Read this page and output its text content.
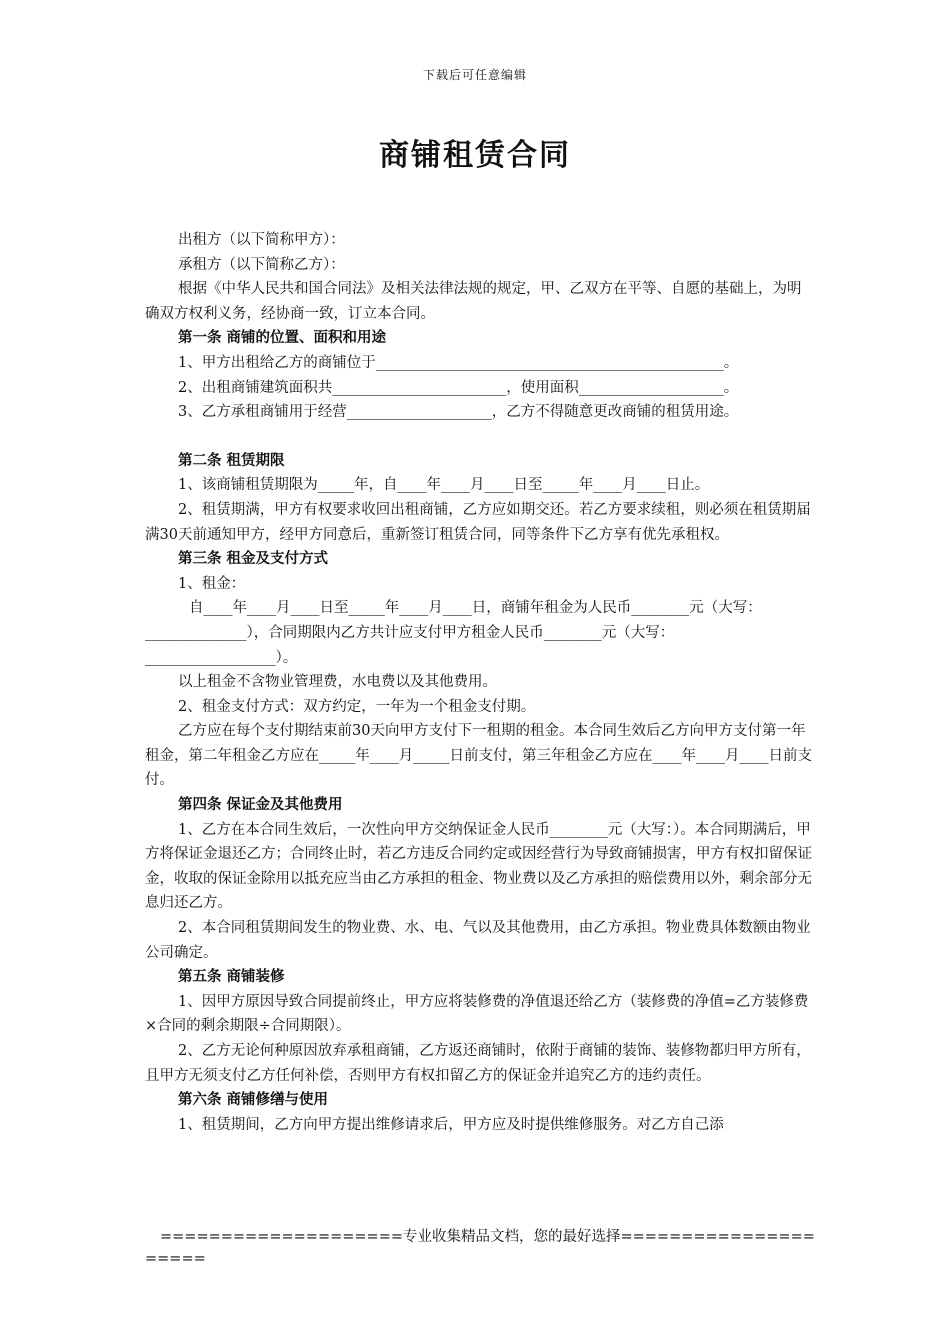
下载后可任意编辑
商铺租赁合同

出租方（以下简称甲方）：

承租方（以下简称乙方）：

根据《中华人民共和国合同法》及相关法律法规的规定，甲、乙双方在平等、自愿的基础上，为明确双方权利义务，经协商一致，订立本合同。

第一条 商铺的位置、面积和用途

1、甲方出租给乙方的商铺位于________________________________________________。

2、出租商铺建筑面积共________________________，使用面积____________________。

3、乙方承租商铺用于经营____________________，乙方不得随意更改商铺的租赁用途。

第二条 租赁期限

1、该商铺租赁期限为_____年，自____年____月____日至_____年____月____日止。

2、租赁期满，甲方有权要求收回出租商铺，乙方应如期交还。若乙方要求续租，则必须在租赁期届满30天前通知甲方，经甲方同意后，重新签订租赁合同，同等条件下乙方享有优先承租权。

第三条 租金及支付方式

1、租金：

自____年____月____日至_____年____月____日，商铺年租金为人民币________元（大写：______________），合同期限内乙方共计应支付甲方租金人民币________元（大写：__________________）。

以上租金不含物业管理费，水电费以及其他费用。

2、租金支付方式：双方约定，一年为一个租金支付期。

乙方应在每个支付期结束前30天向甲方支付下一租期的租金。本合同生效后乙方向甲方支付第一年租金，第二年租金乙方应在_____年____月_____日前支付，第三年租金乙方应在____年____月____日前支付。

第四条 保证金及其他费用

1、乙方在本合同生效后，一次性向甲方交纳保证金人民币________元（大写：）。本合同期满后，甲方将保证金退还乙方；合同终止时，若乙方违反合同约定或因经营行为导致商铺损害，甲方有权扣留保证金，收取的保证金除用以抵充应当由乙方承担的租金、物业费以及乙方承担的赔偿费用以外，剩余部分无息归还乙方。

2、本合同租赁期间发生的物业费、水、电、气以及其他费用，由乙方承担。物业费具体数额由物业公司确定。

第五条 商铺装修

1、因甲方原因导致合同提前终止，甲方应将装修费的净值退还给乙方（装修费的净值=乙方装修费×合同的剩余期限÷合同期限）。

2、乙方无论何种原因放弃承租商铺，乙方返还商铺时，依附于商铺的装饰、装修物都归甲方所有，且甲方无须支付乙方任何补偿，否则甲方有权扣留乙方的保证金并追究乙方的违约责任。

第六条 商铺修缮与使用

1、租赁期间，乙方向甲方提出维修请求后，甲方应及时提供维修服务。对乙方自己添

====================专业收集精品文档，您的最好选择=====================
